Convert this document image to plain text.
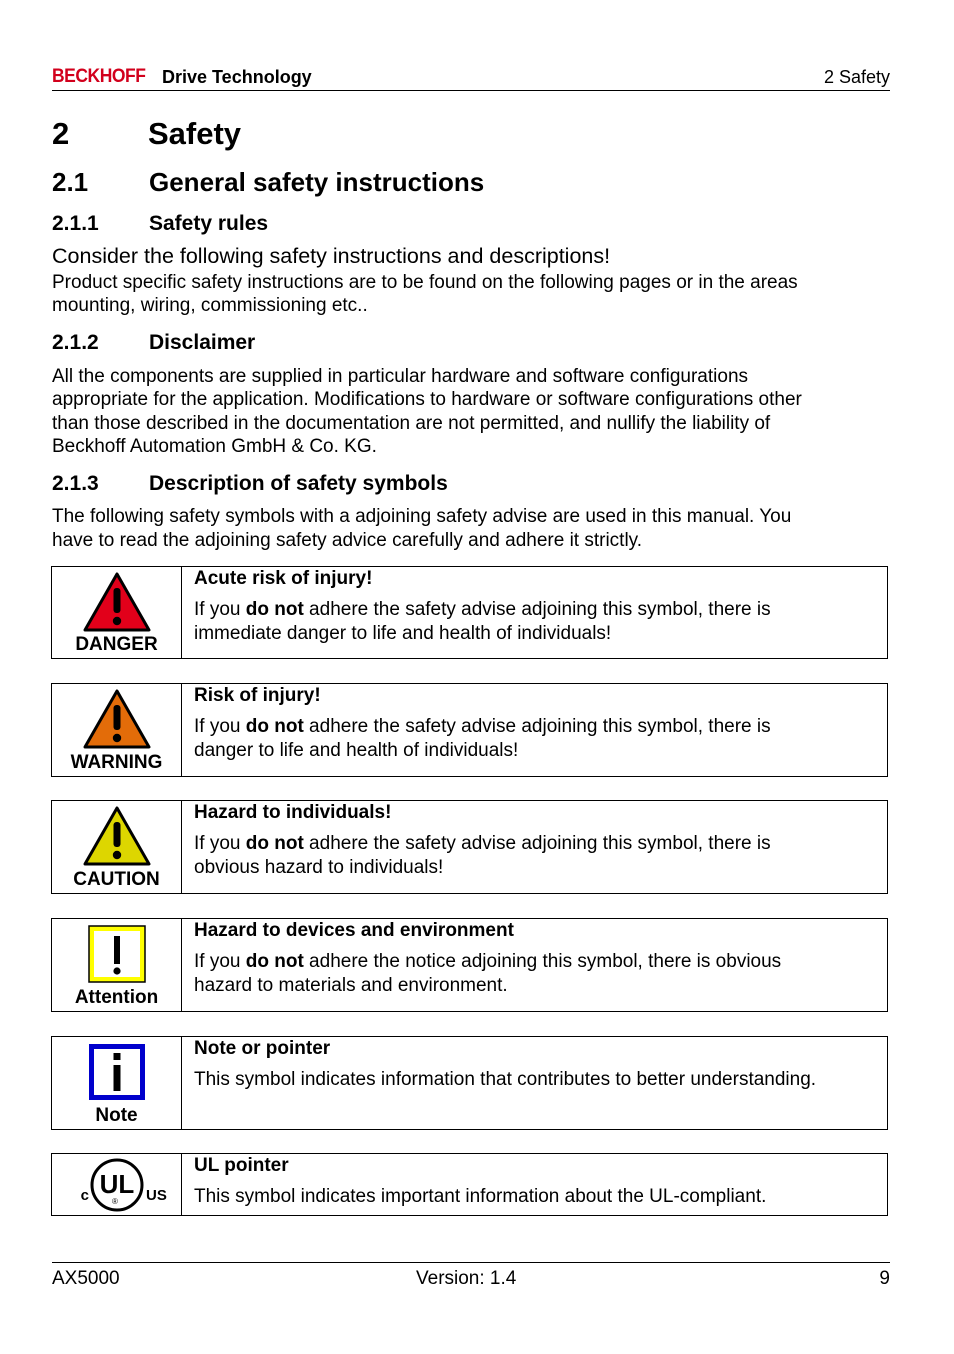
BECKHOFF Drive Technology	2 Safety
2	Safety
2.1 General safety instructions
2.1.1 Safety rules

Consider the following safety instructions and descriptions!

Product specific safety instructions are to be found on the following pages or in the areas

mounting, wiring, commissioning etc..

2.1.2 Disclaimer

All the components are supplied in particular hardware and software configurations

appropriate for the application. Modifications to hardware or software configurations other

than those described in the documentation are not permitted, and nullify the liability of

Beckhoff Automation GmbH & Co. KG.

2.1.3 Description of safety symbols

The following safety symbols with a adjoining safety advise are used in this manual. You

have to read the adjoining safety advice carefully and adhere it strictly.

DANGER
Acute risk of injury!
If you do not adhere the safety advise adjoining this symbol, there is
immediate danger to life and health of individuals!
WARNING
Risk of injury!
If you do not adhere the safety advise adjoining this symbol, there is
danger to life and health of individuals!
CAUTION
Hazard to individuals!
If you do not adhere the safety advise adjoining this symbol, there is
obvious hazard to individuals!
Attention
Hazard to devices and environment
If you do not adhere the notice adjoining this symbol, there is obvious
hazard to materials and environment.
Note
Note or pointer
This symbol indicates information that contributes to better understanding.
c UL
® US
UL pointer
This symbol indicates important information about the UL-compliant.
AX5000	Version: 1.4	9
